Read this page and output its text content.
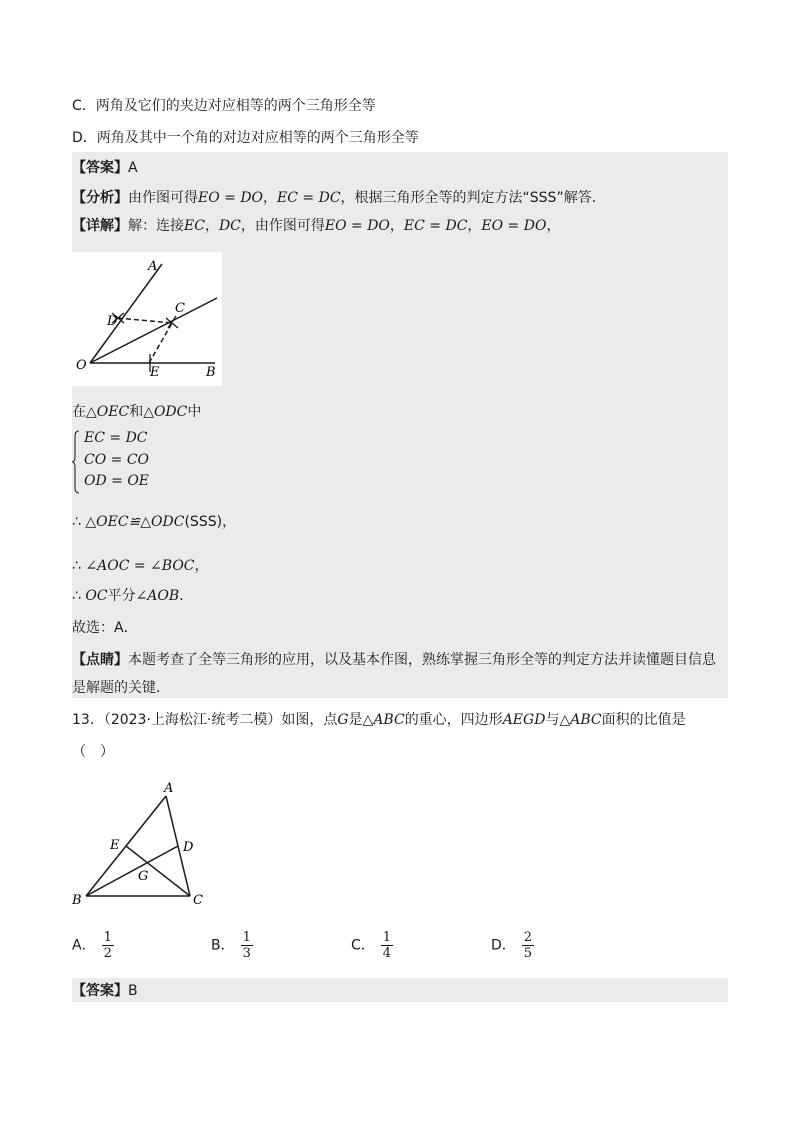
C．两角及它们的夹边对应相等的两个三角形全等
D．两角及其中一个角的对边对应相等的两个三角形全等
【答案】A
【分析】由作图可得EO = DO，EC = DC，根据三角形全等的判定方法“SSS”解答．
【详解】解：连接EC，DC，由作图可得EO = DO，EC = DC，EO = DO，
A
C
D
O	E	B
在△OEC和△ODC中
EC = DC
CO = CO
OD = OE
∴ △OEC≌△ODC(SSS)，
∴ ∠AOC = ∠BOC，
∴ OC平分∠AOB．
故选：A．
【点睛】本题考查了全等三角形的应用，以及基本作图，熟练掌握三角形全等的判定方法并读懂题目信息
是解题的关键．
13．（2023·上海松江·统考二模）如图，点G是△ABC的重心，四边形AEGD与△ABC面积的比值是
（　）
A
E	D
G
B	C
A． $\frac{1}{2}$	B． $\frac{1}{3}$	C． $\frac{1}{4}$	D． $\frac{2}{5}$
【答案】B
